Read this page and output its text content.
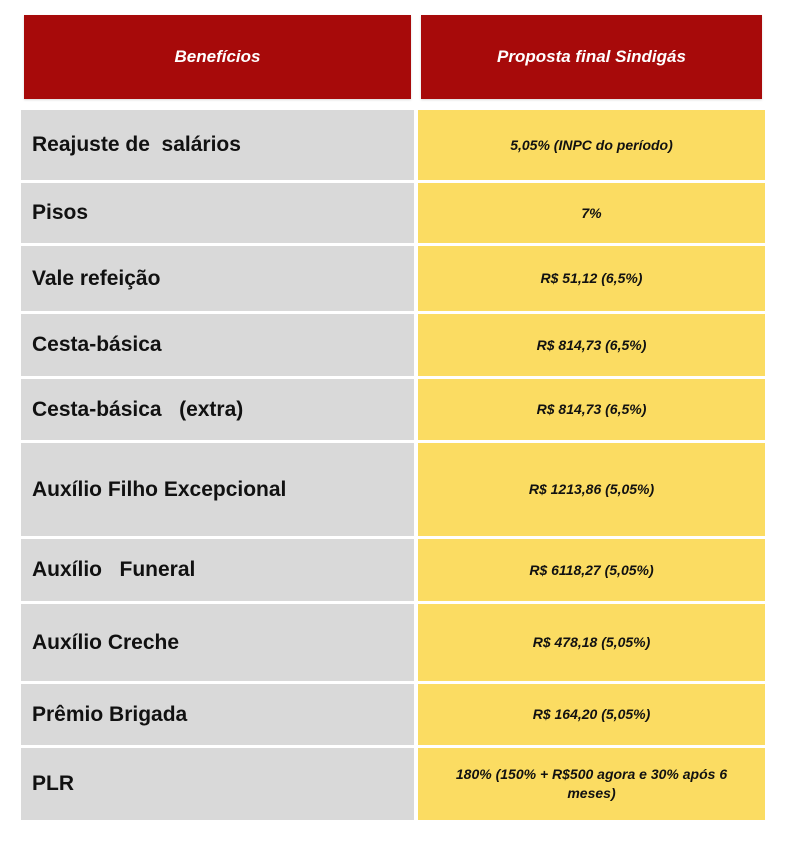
Benefícios	Proposta final Sindigás
Reajuste de  salários	5,05% (INPC do período)
Pisos	7%
Vale refeição	R$ 51,12 (6,5%)
Cesta-básica	R$ 814,73 (6,5%)
Cesta-básica   (extra)	R$ 814,73 (6,5%)
Auxílio Filho Excepcional	R$ 1213,86 (5,05%)
Auxílio   Funeral	R$ 6118,27 (5,05%)
Auxílio Creche	R$ 478,18 (5,05%)
Prêmio Brigada	R$ 164,20 (5,05%)
PLR	180% (150% + R$500 agora e 30% após 6 meses)
